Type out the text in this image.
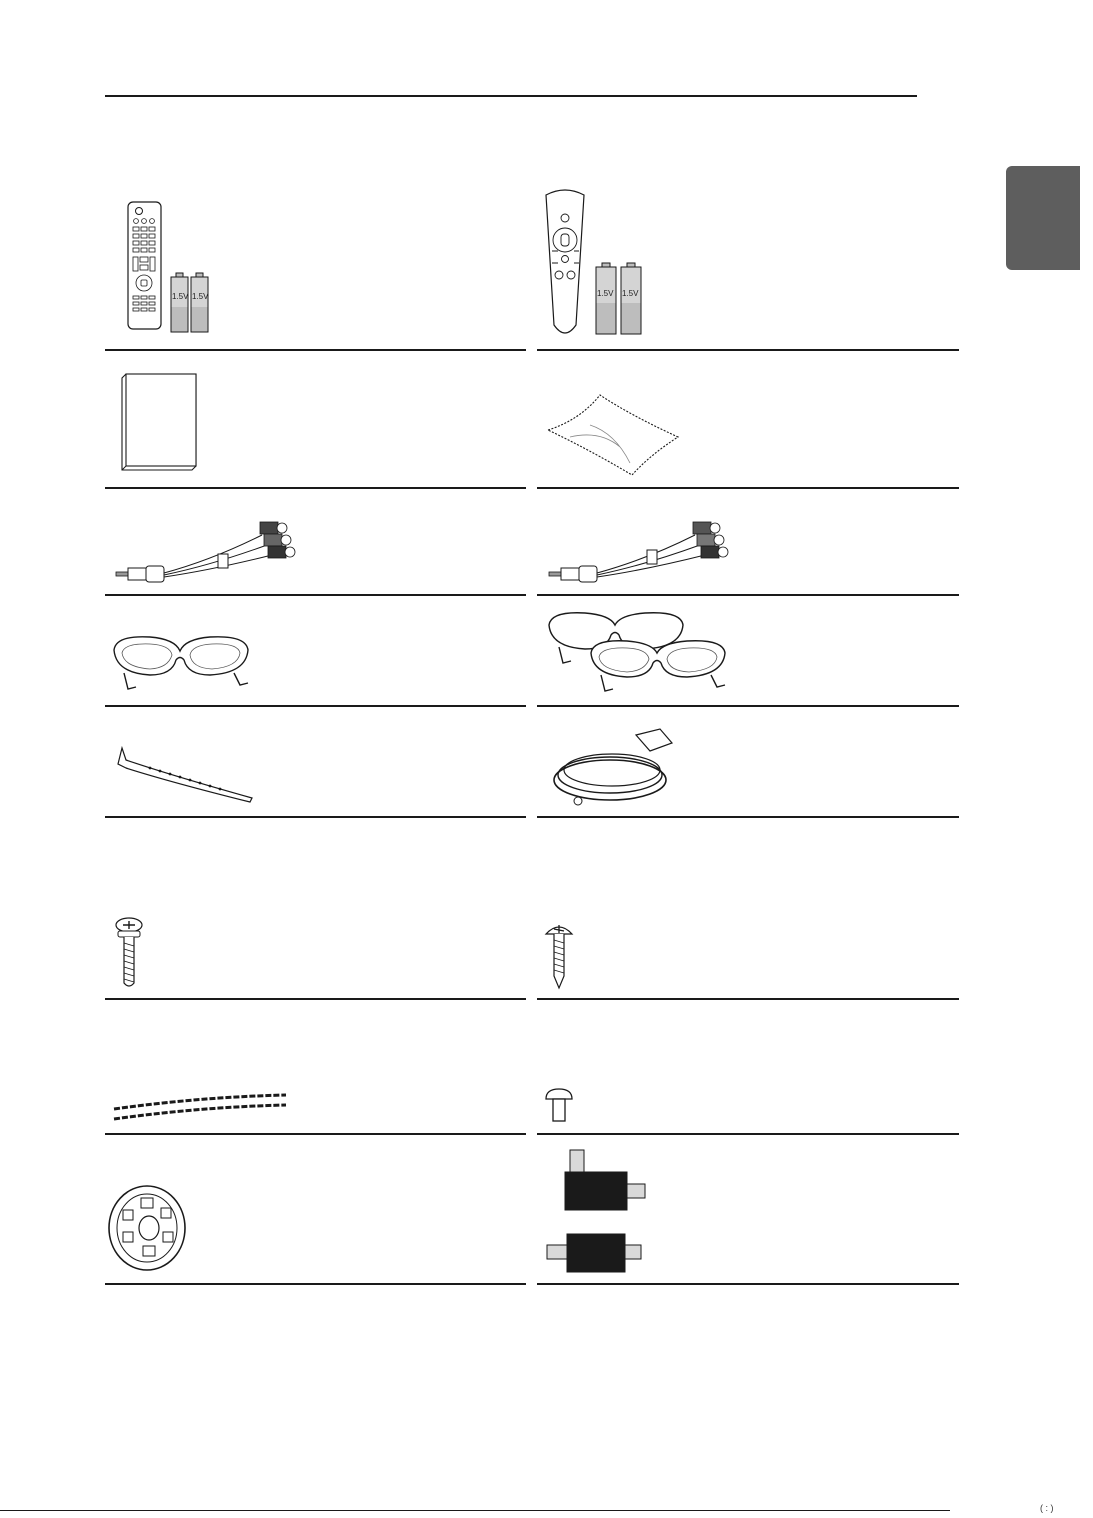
1.5V 1.5V	1.5V 1.5V
( : )
